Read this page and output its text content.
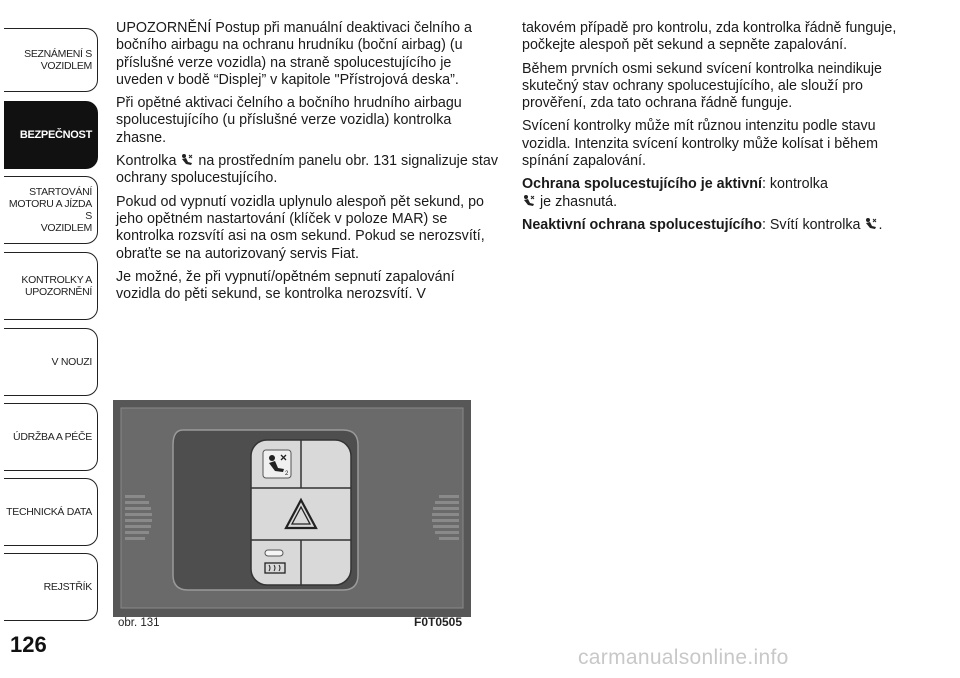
SEZNÁMENÍ S
VOZIDLEM
BEZPEČNOST
STARTOVÁNÍ
MOTORU A JÍZDA S
VOZIDLEM
KONTROLKY A
UPOZORNĚNÍ
V NOUZI
ÚDRŽBA A PÉČE
TECHNICKÁ DATA
REJSTŘÍK
126

UPOZORNĚNÍ Postup při manuální deaktivaci čelního a bočního airbagu na ochranu hrudníku (boční airbag) (u příslušné verze vozidla) na straně spolucestujícího je uveden v bodě “Displej” v kapitole "Přístrojová deska”.

Při opětné aktivaci čelního a bočního hrudního airbagu spolucestujícího (u příslušné verze vozidla) kontrolka zhasne.

Kontrolka  na prostředním panelu obr. 131 signalizuje stav ochrany spolucestujícího.

Pokud od vypnutí vozidla uplynulo alespoň pět sekund, po jeho opětném nastartování (klíček v poloze MAR) se kontrolka rozsvítí asi na osm sekund. Pokud se nerozsvítí, obraťte se na autorizovaný servis Fiat.

Je možné, že při vypnutí/opětném sepnutí zapalování vozidla do pěti sekund, se kontrolka nerozsvítí. V

takovém případě pro kontrolu, zda kontrolka řádně funguje, počkejte alespoň pět sekund a sepněte zapalování.

Během prvních osmi sekund svícení kontrolka neindikuje skutečný stav ochrany spolucestujícího, ale slouží pro prověření, zda tato ochrana řádně funguje.

Svícení kontrolky může mít různou intenzitu podle stavu vozidla. Intenzita svícení kontrolky může kolísat i během spínání zapalování.

Ochrana spolucestujícího je aktivní: kontrolka
je zhasnutá.

Neaktivní ochrana spolucestujícího: Svítí kontrolka .

2
obr. 131	F0T0505
carmanualsonline.info
